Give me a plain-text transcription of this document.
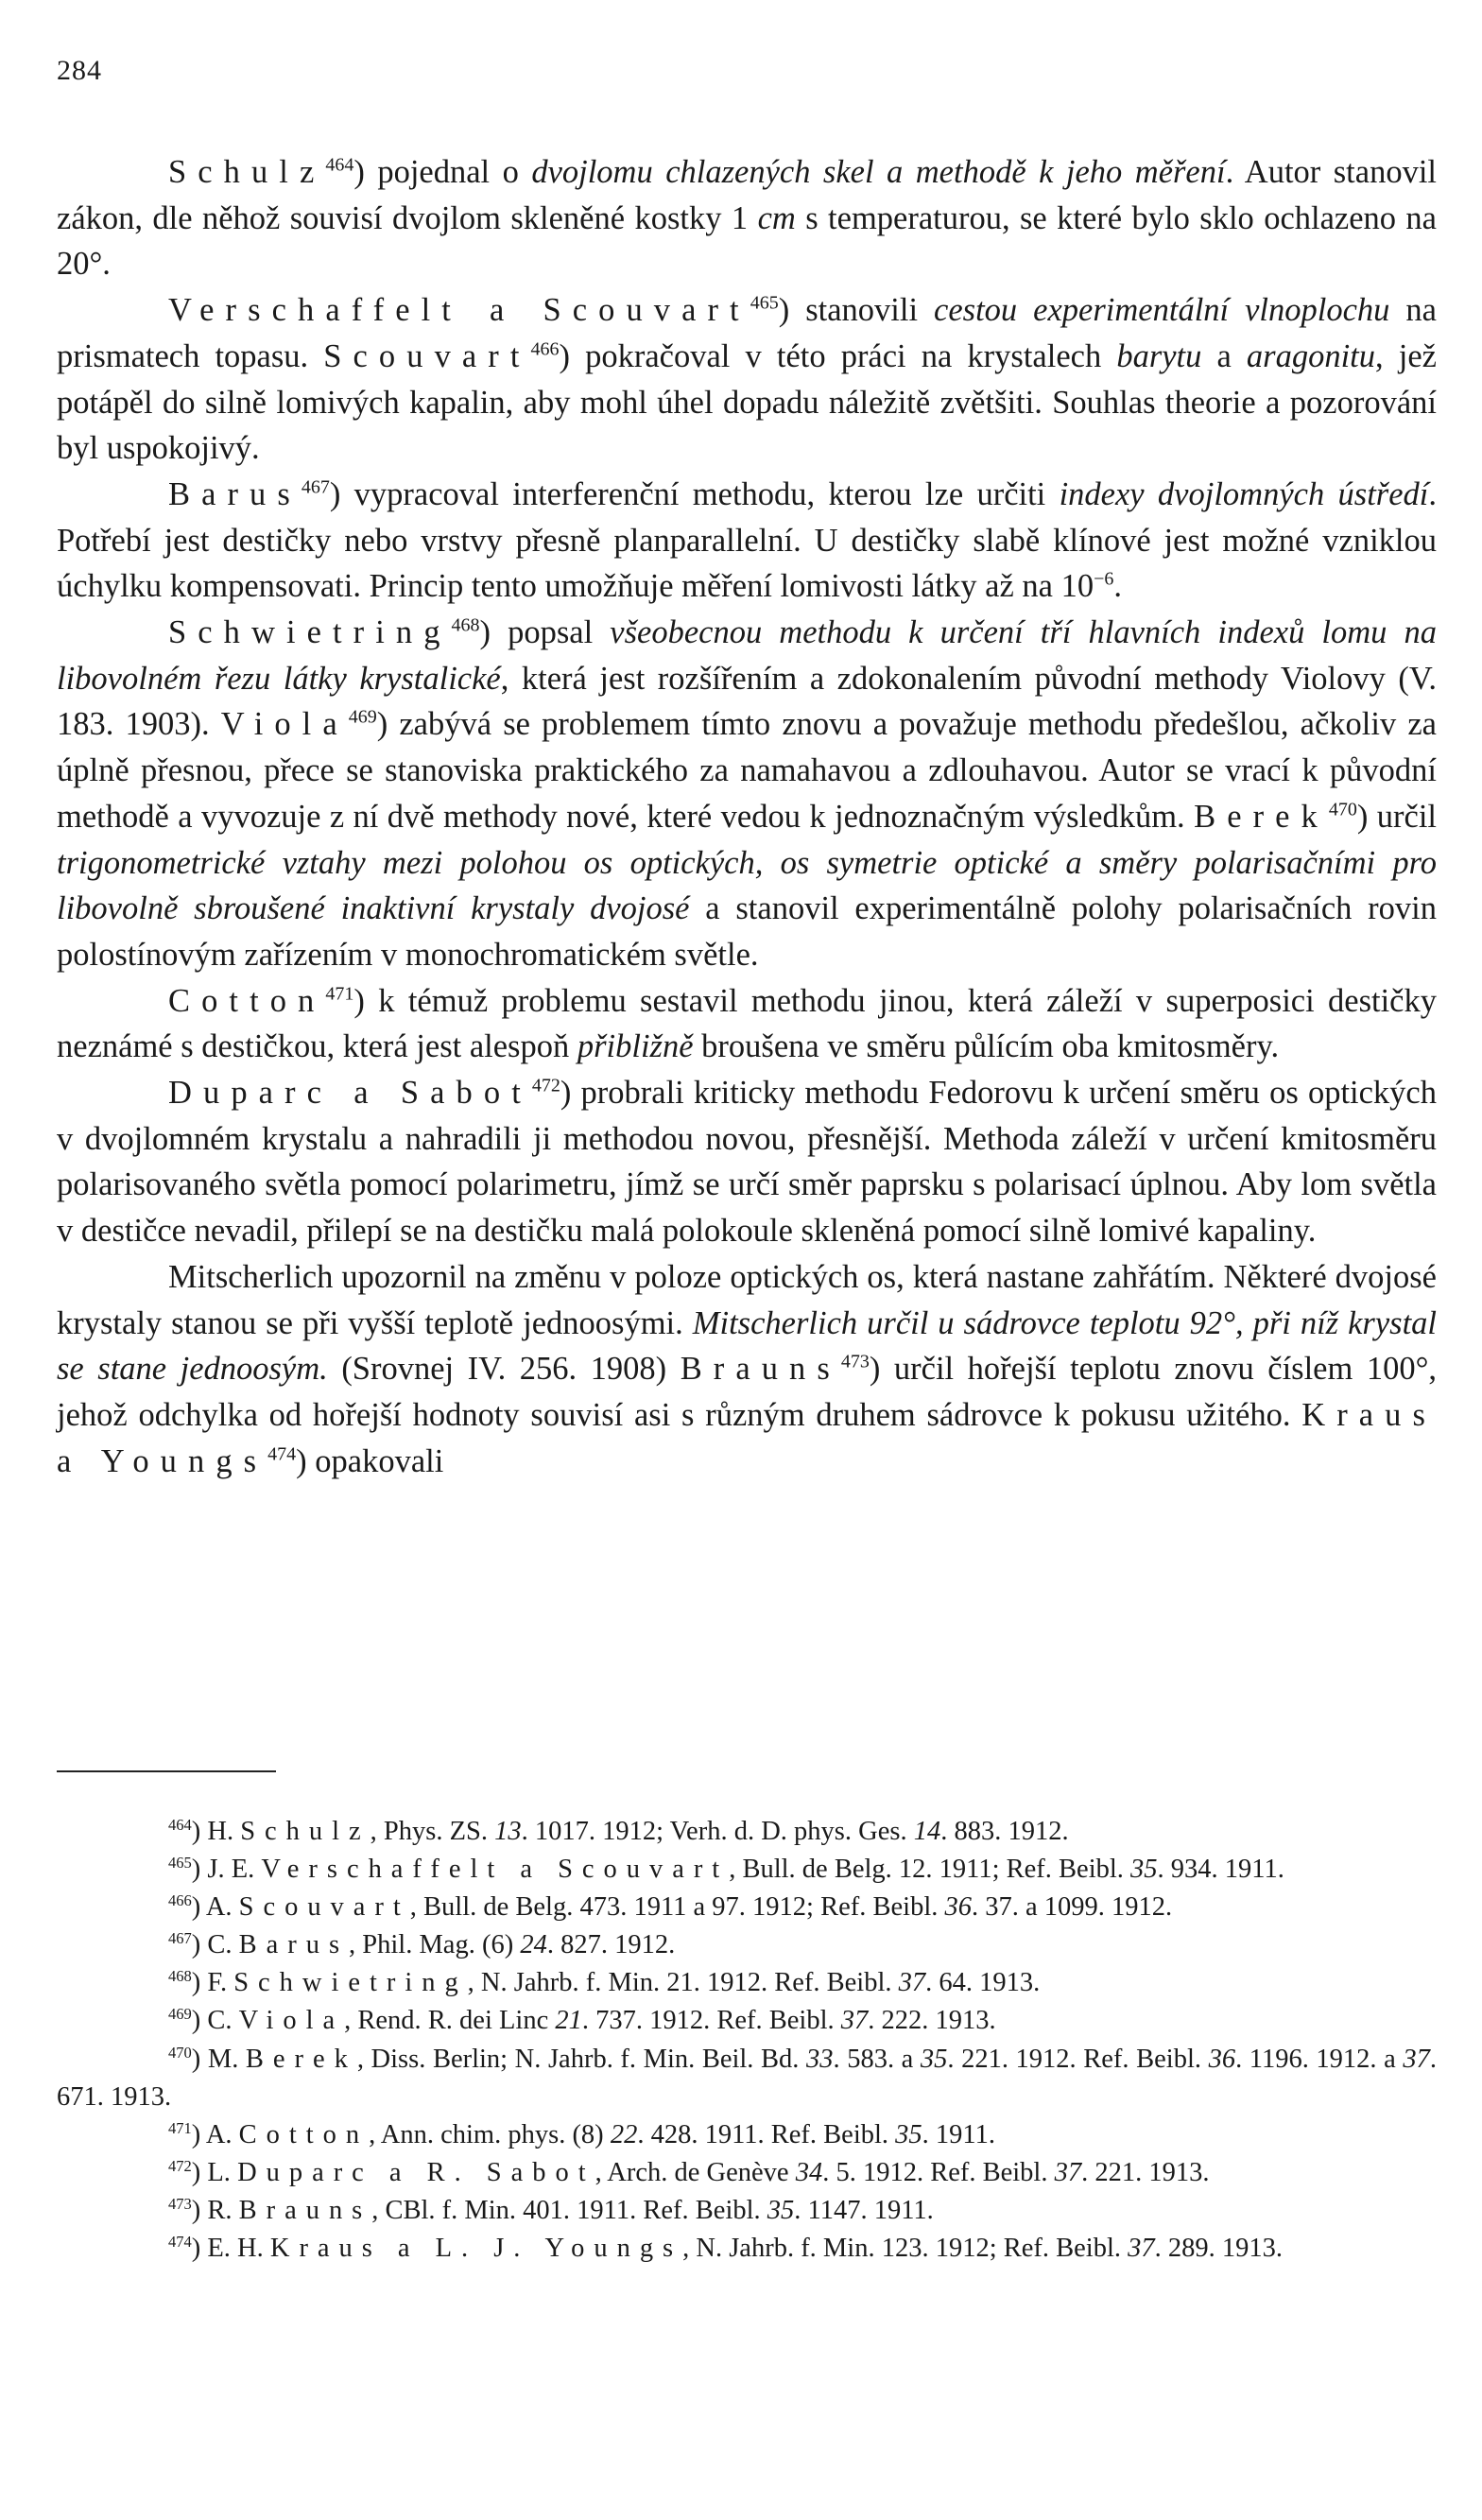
284

Schulz$^{464}$) pojednal o dvojlomu chlazených skel a methodě k jeho měření. Autor stanovil zákon, dle něhož souvisí dvojlom skleněné kostky 1 cm s temperaturou, se které bylo sklo ochlazeno na 20°.

Verschaffelt a Scouvart$^{465}$) stanovili cestou experimentální vlnoplochu na prismatech topasu. Scouvart$^{466}$) pokračoval v této práci na krystalech barytu a aragonitu, jež potápěl do silně lomivých kapalin, aby mohl úhel dopadu náležitě zvětšiti. Souhlas theorie a pozorování byl uspokojivý.

Barus$^{467}$) vypracoval interferenční methodu, kterou lze určiti indexy dvojlomných ústředí. Potřebí jest destičky nebo vrstvy přesně planparallelní. U destičky slabě klínové jest možné vzniklou úchylku kompensovati. Princip tento umožňuje měření lomivosti látky až na $10^{-6}$.

Schwietring$^{468}$) popsal všeobecnou methodu k určení tří hlavních indexů lomu na libovolném řezu látky krystalické, která jest rozšířením a zdokonalením původní methody Violovy (V. 183. 1903). Viola$^{469}$) zabývá se problemem tímto znovu a považuje methodu předešlou, ačkoliv za úplně přesnou, přece se stanoviska praktického za namahavou a zdlouhavou. Autor se vrací k původní methodě a vyvozuje z ní dvě methody nové, které vedou k jednoznačným výsledkům. Berek$^{470}$) určil trigonometrické vztahy mezi polohou os optických, os symetrie optické a směry polarisačními pro libovolně sbroušené inaktivní krystaly dvojosé a stanovil experimentálně polohy polarisačních rovin polostínovým zařízením v monochromatickém světle.

Cotton$^{471}$) k témuž problemu sestavil methodu jinou, která záleží v superposici destičky neznámé s destičkou, která jest alespoň přibližně broušena ve směru půlícím oba kmitosměry.

Duparc a Sabot$^{472}$) probrali kriticky methodu Fedorovu k určení směru os optických v dvojlomném krystalu a nahradili ji methodou novou, přesnější. Methoda záleží v určení kmitosměru polarisovaného světla pomocí polarimetru, jímž se určí směr paprsku s polarisací úplnou. Aby lom světla v destičce nevadil, přilepí se na destičku malá polokoule skleněná pomocí silně lomivé kapaliny.

Mitscherlich upozornil na změnu v poloze optických os, která nastane zahřátím. Některé dvojosé krystaly stanou se při vyšší teplotě jednoosými. Mitscherlich určil u sádrovce teplotu 92°, při níž krystal se stane jednoosým. (Srovnej IV. 256. 1908) Brauns$^{473}$) určil hořejší teplotu znovu číslem 100°, jehož odchylka od hořejší hodnoty souvisí asi s různým druhem sádrovce k pokusu užitého. Kraus a Youngs$^{474}$) opakovali

$^{464}$) H. Schulz, Phys. ZS. 13. 1017. 1912; Verh. d. D. phys. Ges. 14. 883. 1912.

$^{465}$) J. E. Verschaffelt a Scouvart, Bull. de Belg. 12. 1911; Ref. Beibl. 35. 934. 1911.

$^{466}$) A. Scouvart, Bull. de Belg. 473. 1911 a 97. 1912; Ref. Beibl. 36. 37. a 1099. 1912.

$^{467}$) C. Barus, Phil. Mag. (6) 24. 827. 1912.

$^{468}$) F. Schwietring, N. Jahrb. f. Min. 21. 1912. Ref. Beibl. 37. 64. 1913.

$^{469}$) C. Viola, Rend. R. dei Linc 21. 737. 1912. Ref. Beibl. 37. 222. 1913.

$^{470}$) M. Berek, Diss. Berlin; N. Jahrb. f. Min. Beil. Bd. 33. 583. a 35. 221. 1912. Ref. Beibl. 36. 1196. 1912. a 37. 671. 1913.

$^{471}$) A. Cotton, Ann. chim. phys. (8) 22. 428. 1911. Ref. Beibl. 35. 1911.

$^{472}$) L. Duparc a R. Sabot, Arch. de Genève 34. 5. 1912. Ref. Beibl. 37. 221. 1913.

$^{473}$) R. Brauns, CBl. f. Min. 401. 1911. Ref. Beibl. 35. 1147. 1911.

$^{474}$) E. H. Kraus a L. J. Youngs, N. Jahrb. f. Min. 123. 1912; Ref. Beibl. 37. 289. 1913.
